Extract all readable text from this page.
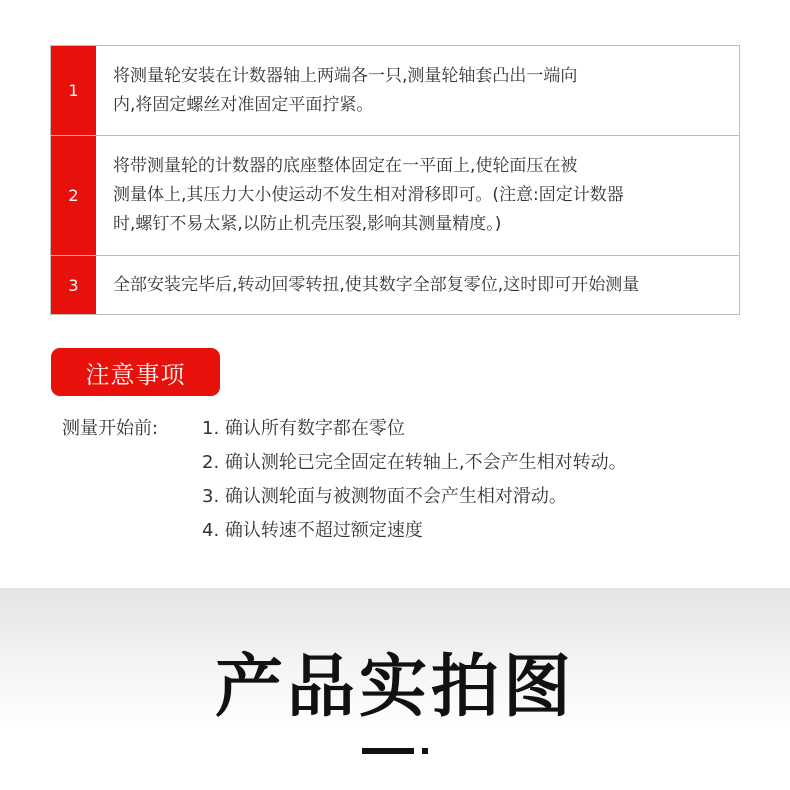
1
将测量轮安装在计数器轴上两端各一只,测量轮轴套凸出一端向
内,将固定螺丝对准固定平面拧紧。
2
将带测量轮的计数器的底座整体固定在一平面上,使轮面压在被
测量体上,其压力大小使运动不发生相对滑移即可。(注意:固定计数器
时,螺钉不易太紧,以防止机壳压裂,影响其测量精度。)
3	全部安装完毕后,转动回零转扭,使其数字全部复零位,这时即可开始测量
注意事项
测量开始前: 1. 确认所有数字都在零位
2. 确认测轮已完全固定在转轴上,不会产生相对转动。
3. 确认测轮面与被测物面不会产生相对滑动。
4. 确认转速不超过额定速度
产品实拍图
